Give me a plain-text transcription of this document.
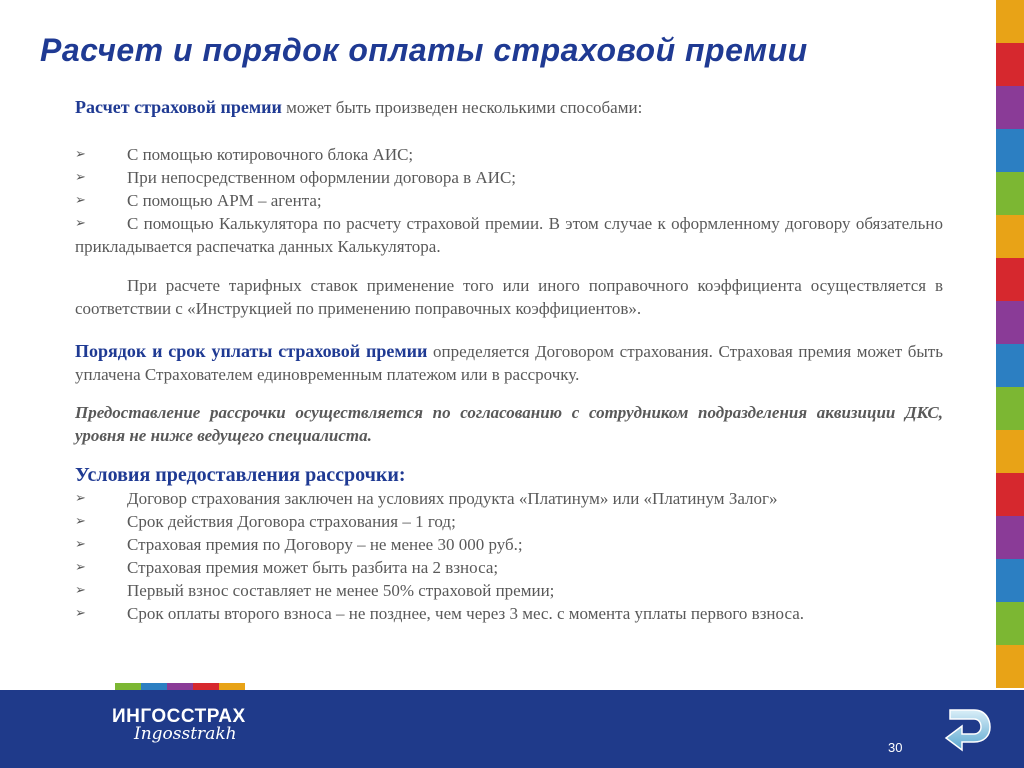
Расчет и порядок оплаты страховой премии

Расчет страховой премии может быть произведен несколькими способами:

➢	С помощью котировочного блока АИС;
➢	При непосредственном оформлении договора в АИС;
➢	С помощью АРМ – агента;
➢	С помощью Калькулятора по расчету страховой премии. В этом случае к оформленному договору обязательно прикладывается распечатка данных Калькулятора.

При расчете тарифных ставок применение того или иного поправочного коэффициента осуществляется в соответствии с «Инструкцией по применению поправочных коэффициентов».

Порядок и срок уплаты страховой премии определяется Договором страхования. Страховая премия может быть уплачена Страхователем единовременным платежом или в рассрочку.

Предоставление рассрочки осуществляется по согласованию с сотрудником подразделения аквизиции ДКС, уровня не ниже ведущего специалиста.

Условия предоставления рассрочки:

➢	Договор страхования заключен на условиях продукта «Платинум» или «Платинум Залог»
➢	Срок действия Договора страхования – 1 год;
➢	Страховая премия по Договору – не менее 30 000 руб.;
➢	Страховая премия может быть разбита на 2 взноса;
➢	Первый взнос составляет не менее 50% страховой премии;
➢	Срок оплаты второго взноса – не позднее, чем через 3 мес. с момента уплаты первого взноса.
ИНГОССТРАХ
Ingosstrakh
30
